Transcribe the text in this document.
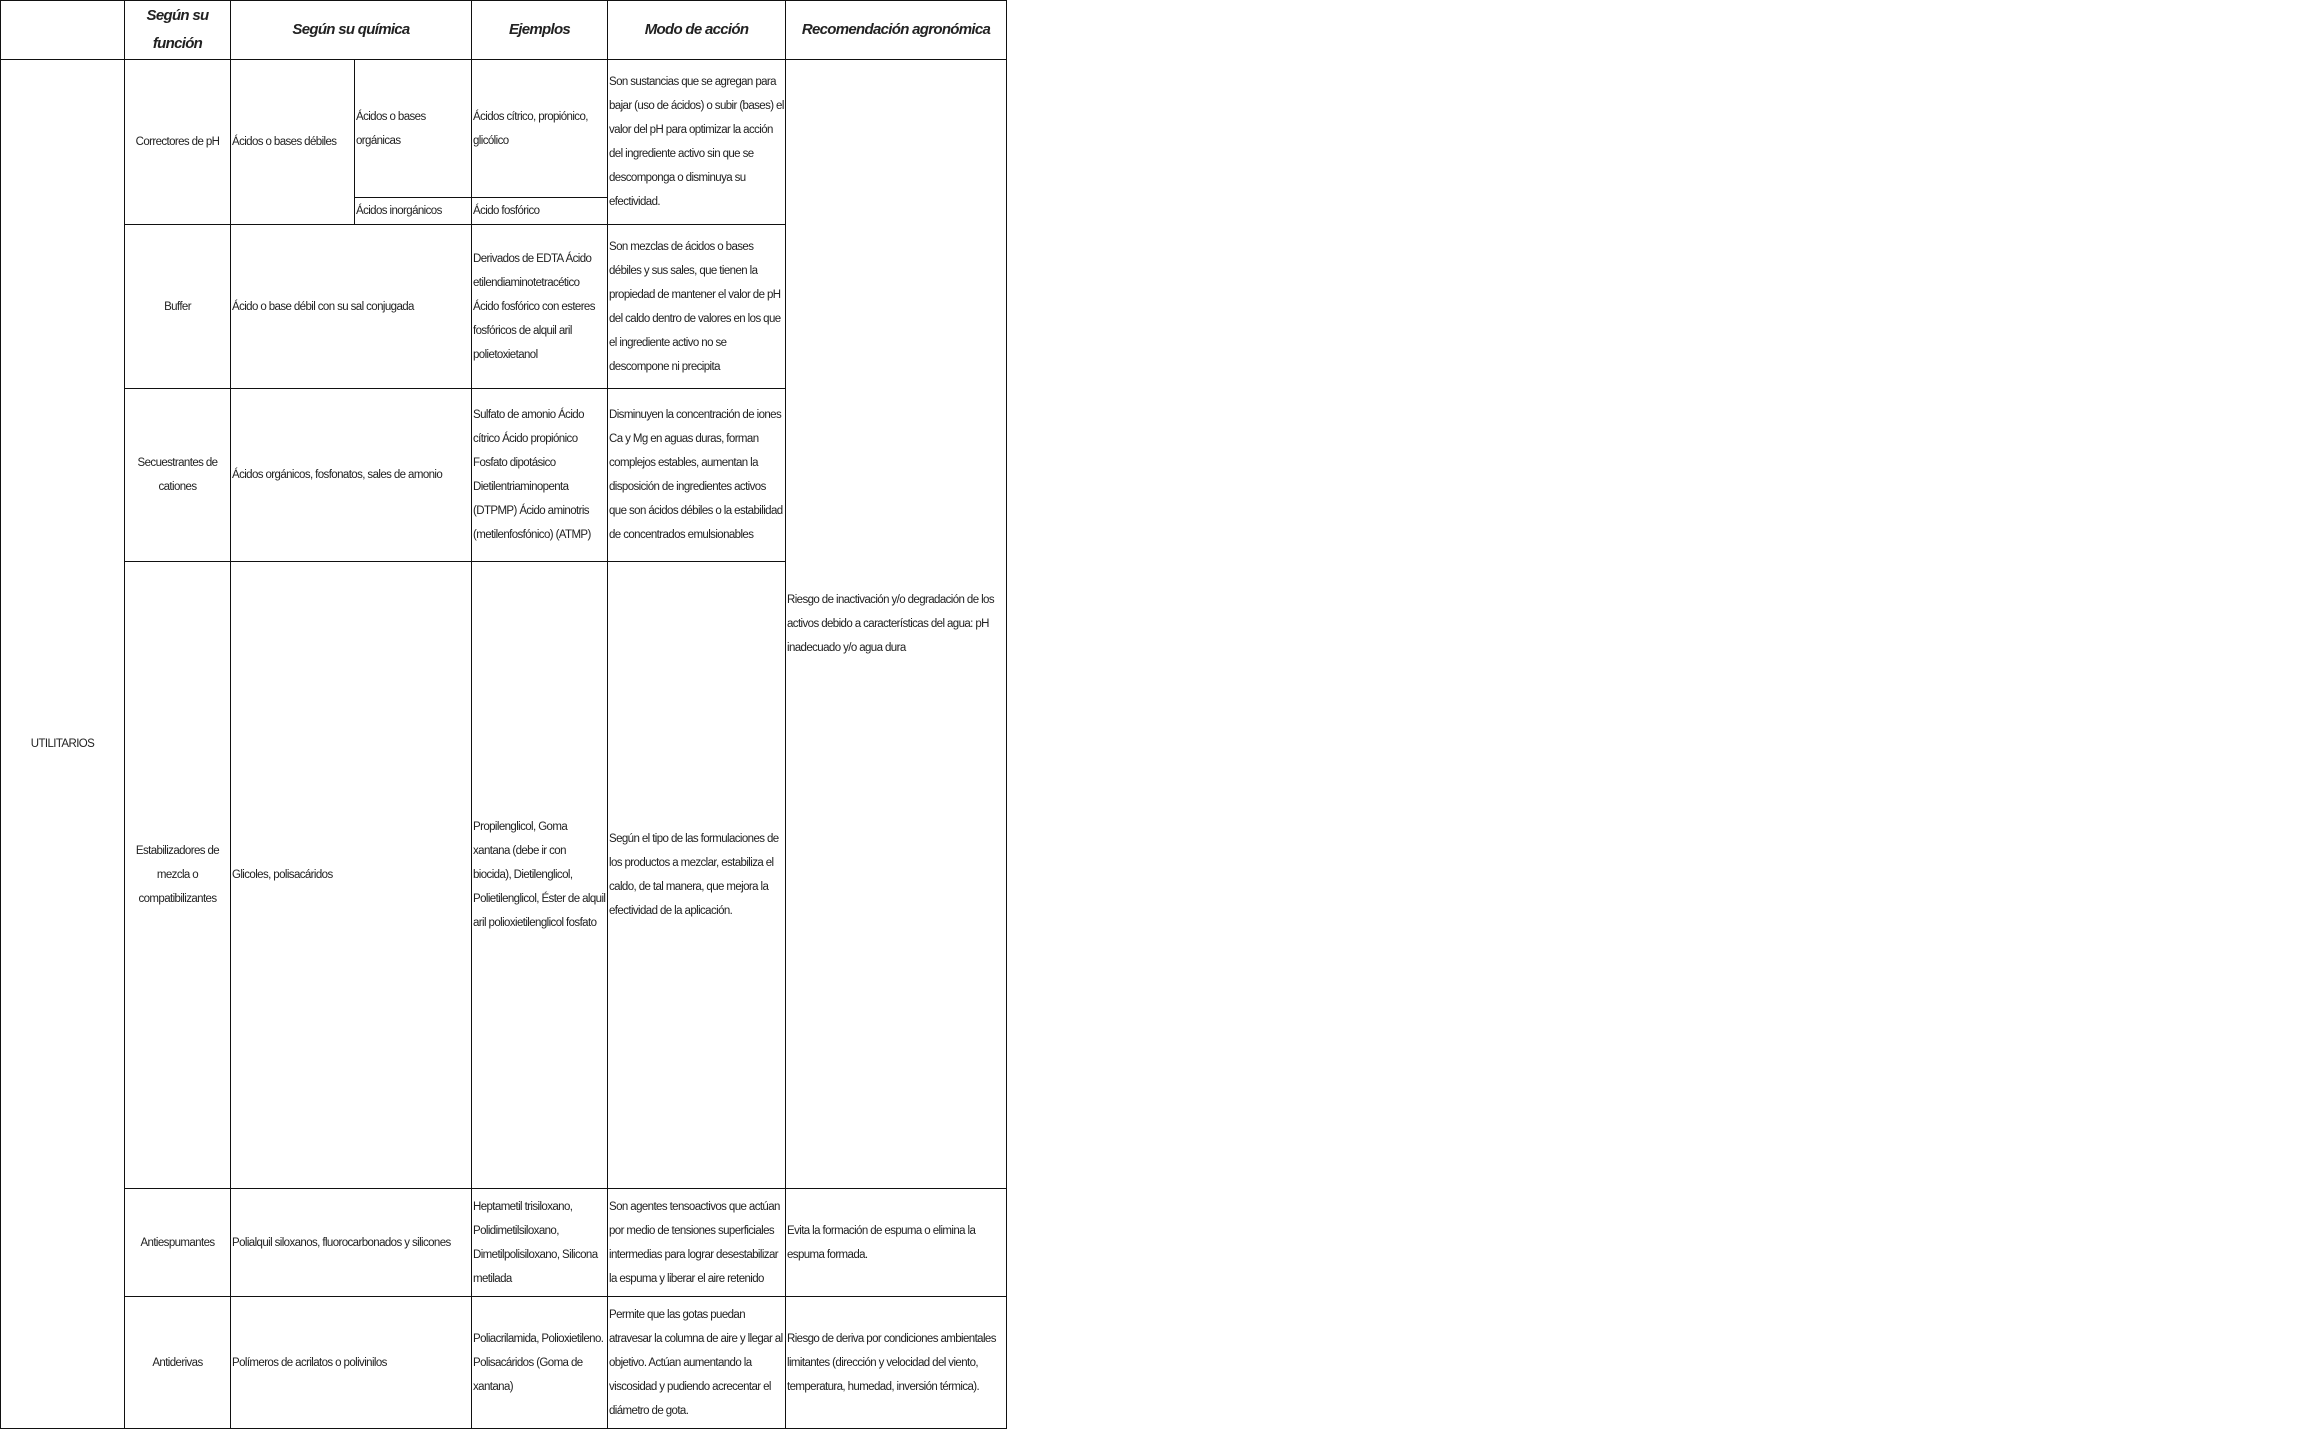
	Según su función	Según su química		Ejemplos	Modo de acción	Recomendación agronómica	
UTILITARIOS	Correctores de pH	Ácidos o bases débiles	Ácidos o bases orgánicas	Ácidos cítrico, propiónico, glicólico	Son sustancias que se agregan para bajar (uso de ácidos) o subir (bases) el valor del pH para optimizar la acción del ingrediente activo sin que se descomponga o disminuya su efectividad.	Riesgo de inactivación y/o degradación de los activos debido a características del agua: pH inadecuado y/o agua dura	
			Ácidos inorgánicos	Ácido fosfórico			
	Buffer	Ácido o base débil con su sal conjugada		Derivados de EDTA Ácido etilendiaminotetracético Ácido fosfórico con esteres fosfóricos de alquil aril polietoxietanol	Son mezclas de ácidos o bases débiles y sus sales, que tienen la propiedad de mantener el valor de pH del caldo dentro de valores en los que el ingrediente activo no se descompone ni precipita		
	Secuestrantes de cationes	Ácidos orgánicos, fosfonatos, sales de amonio		Sulfato de amonio Ácido cítrico Ácido propiónico Fosfato dipotásico Dietilentriaminopenta (DTPMP) Ácido aminotris (metilenfosfónico) (ATMP)	Disminuyen la concentración de iones Ca y Mg en aguas duras, forman complejos estables, aumentan la disposición de ingredientes activos que son ácidos débiles o la estabilidad de concentrados emulsionables		
	Estabilizadores de mezcla o compatibilizantes	Glicoles, polisacáridos		Propilenglicol, Goma xantana (debe ir con biocida), Dietilenglicol, Polietilenglicol, Éster de alquil aril polioxietilenglicol fosfato	Según el tipo de las formulaciones de los productos a mezclar, estabiliza el caldo, de tal manera, que mejora la efectividad de la aplicación.	
	Antiespumantes	Polialquil siloxanos, fluorocarbonados y silicones		Heptametil trisiloxano, Polidimetilsiloxano, Dimetilpolisiloxano, Silicona metilada	Son agentes tensoactivos que actúan por medio de tensiones superficiales intermedias para lograr desestabilizar la espuma y liberar el aire retenido	Evita la formación de espuma o elimina la espuma formada.	
	Antiderivas	Polímeros de acrilatos o polivinilos		Poliacrilamida, Polioxietileno. Polisacáridos (Goma de xantana)	Permite que las gotas puedan atravesar la columna de aire y llegar al objetivo. Actúan aumentando la viscosidad y pudiendo acrecentar el diámetro de gota.	Riesgo de deriva por condiciones ambientales limitantes (dirección y velocidad del viento, temperatura, humedad, inversión térmica).	
